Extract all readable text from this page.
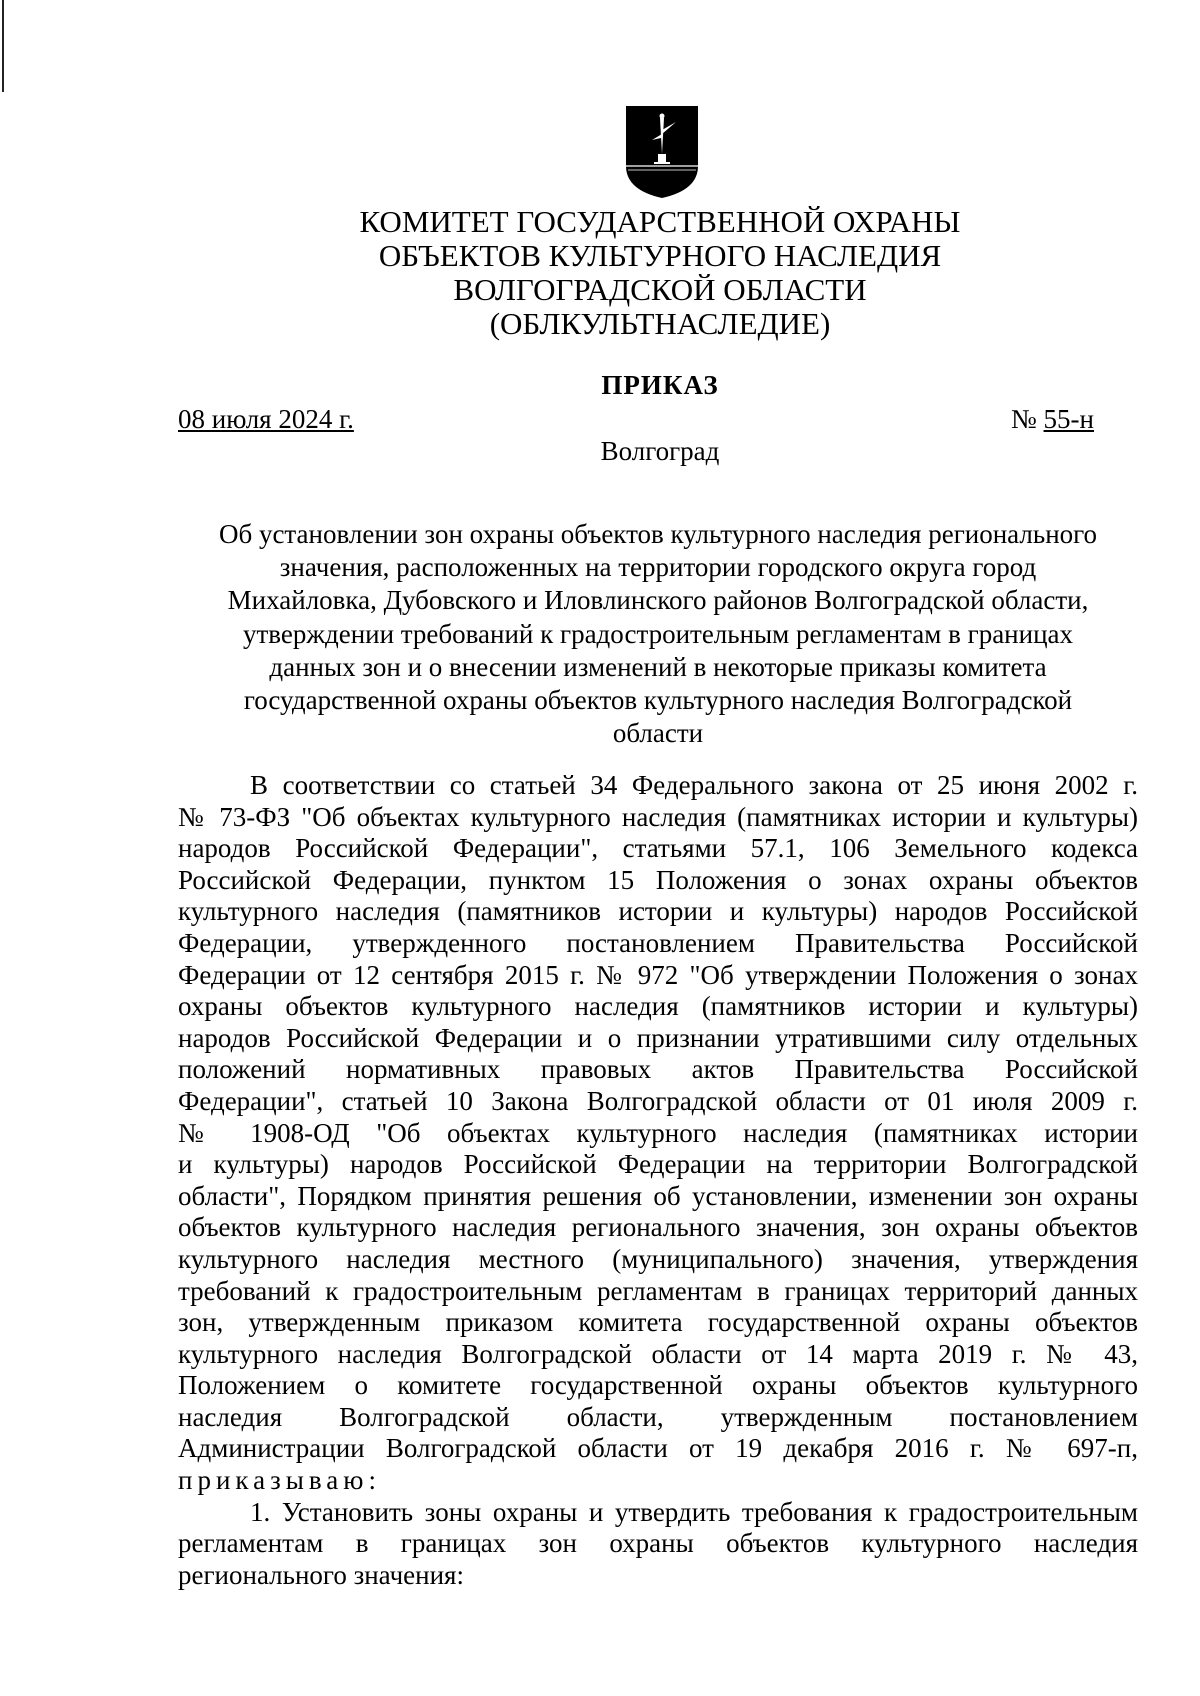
КОМИТЕТ ГОСУДАРСТВЕННОЙ ОХРАНЫ
ОБЪЕКТОВ КУЛЬТУРНОГО НАСЛЕДИЯ
ВОЛГОГРАДСКОЙ ОБЛАСТИ
(ОБЛКУЛЬТНАСЛЕДИЕ)
ПРИКАЗ
08 июля 2024 г.	№ 55-н
Волгоград
Об установлении зон охраны объектов культурного наследия регионального
значения, расположенных на территории городского округа город
Михайловка, Дубовского и Иловлинского районов Волгоградской области,
утверждении требований к градостроительным регламентам в границах
данных зон и о внесении изменений в некоторые приказы комитета
государственной охраны объектов культурного наследия Волгоградской
области
В соответствии со статьей 34 Федерального закона от 25 июня 2002 г.
№ 73-ФЗ "Об объектах культурного наследия (памятниках истории и культуры)
народов Российской Федерации", статьями 57.1, 106 Земельного кодекса
Российской Федерации, пунктом 15 Положения о зонах охраны объектов
культурного наследия (памятников истории и культуры) народов Российской
Федерации, утвержденного постановлением Правительства Российской
Федерации от 12 сентября 2015 г. № 972 "Об утверждении Положения о зонах
охраны объектов культурного наследия (памятников истории и культуры)
народов Российской Федерации и о признании утратившими силу отдельных
положений нормативных правовых актов Правительства Российской
Федерации", статьей 10 Закона Волгоградской области от 01 июля 2009 г.
№ 1908-ОД "Об объектах культурного наследия (памятниках истории
и культуры) народов Российской Федерации на территории Волгоградской
области", Порядком принятия решения об установлении, изменении зон охраны
объектов культурного наследия регионального значения, зон охраны объектов
культурного наследия местного (муниципального) значения, утверждения
требований к градостроительным регламентам в границах территорий данных
зон, утвержденным приказом комитета государственной охраны объектов
культурного наследия Волгоградской области от 14 марта 2019 г. № 43,
Положением о комитете государственной охраны объектов культурного
наследия Волгоградской области, утвержденным постановлением
Администрации Волгоградской области от 19 декабря 2016 г. № 697-п,
приказываю:
1. Установить зоны охраны и утвердить требования к градостроительным
регламентам в границах зон охраны объектов культурного наследия
регионального значения:
